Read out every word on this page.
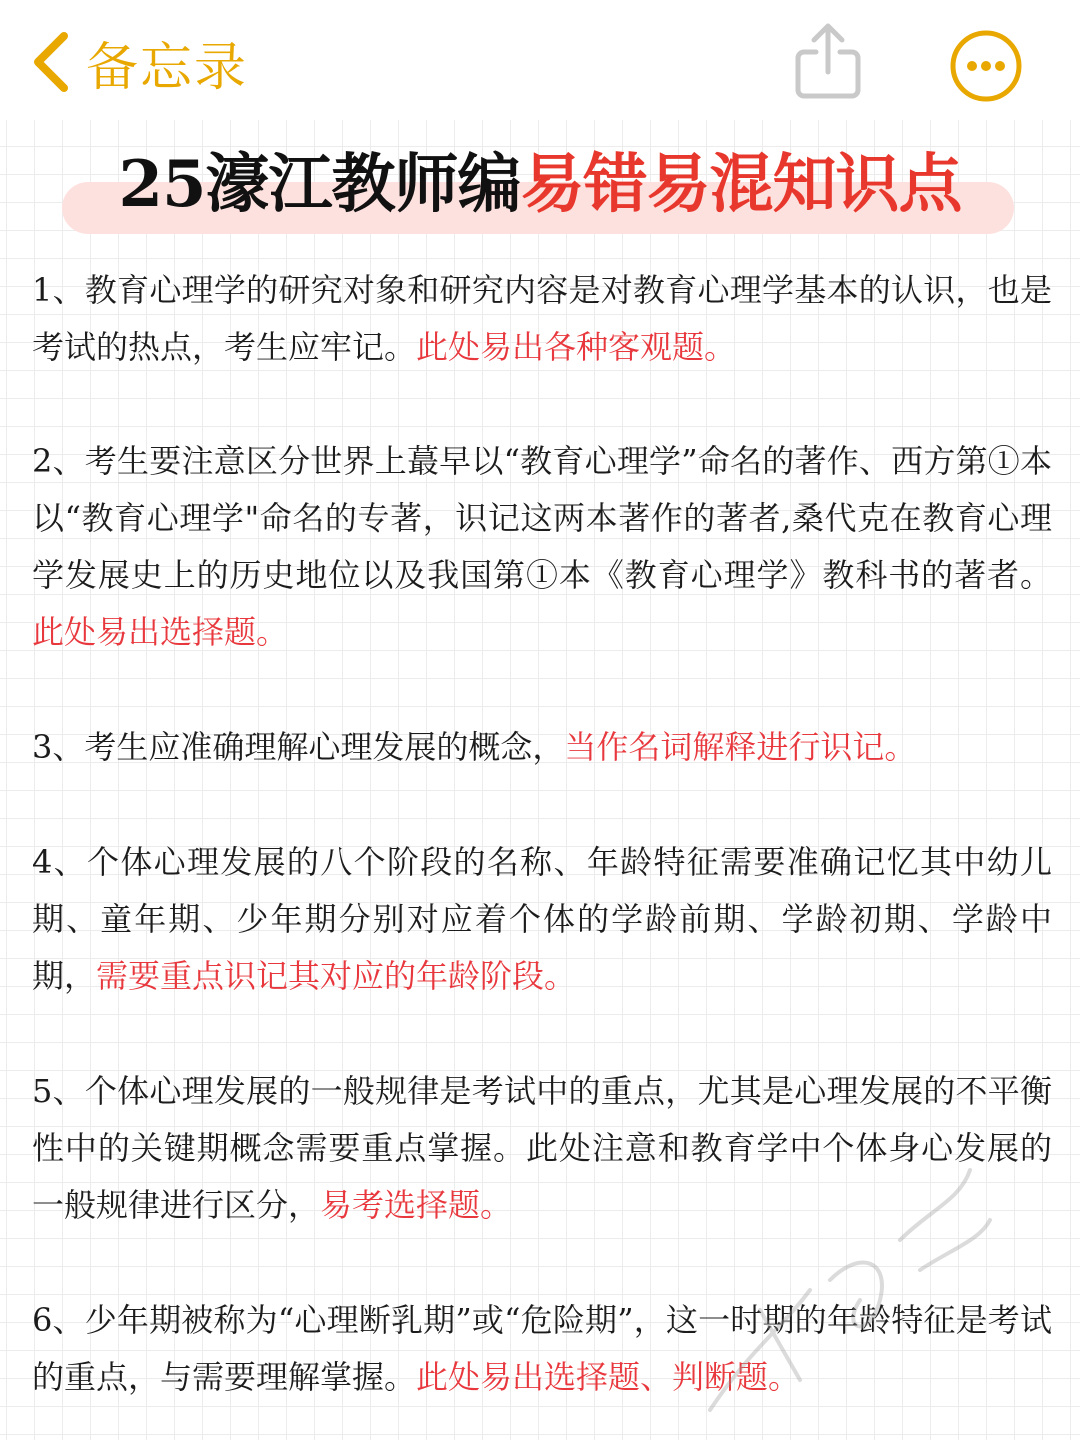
备忘录
25濠江教师编易错易混知识点

1、教育心理学的研究对象和研究内容是对教育心理学基本的认识，也是考试的热点，考生应牢记。此处易出各种客观题。

2、考生要注意区分世界上蕞早以“教育心理学”命名的著作、西方第①本以“教育心理学"命名的专著，识记这两本著作的著者,桑代克在教育心理学发展史上的历史地位以及我国第①本《教育心理学》教科书的著者。此处易出选择题。

3、考生应准确理解心理发展的概念，当作名词解释进行识记。

4、个体心理发展的八个阶段的名称、年龄特征需要准确记忆其中幼儿期、童年期、少年期分别对应着个体的学龄前期、学龄初期、学龄中期，需要重点识记其对应的年龄阶段。

5、个体心理发展的一般规律是考试中的重点，尤其是心理发展的不平衡性中的关键期概念需要重点掌握。此处注意和教育学中个体身心发展的一般规律进行区分，易考选择题。

6、少年期被称为“心理断乳期”或“危险期”，这一时期的年龄特征是考试的重点，与需要理解掌握。此处易出选择题、判断题。
